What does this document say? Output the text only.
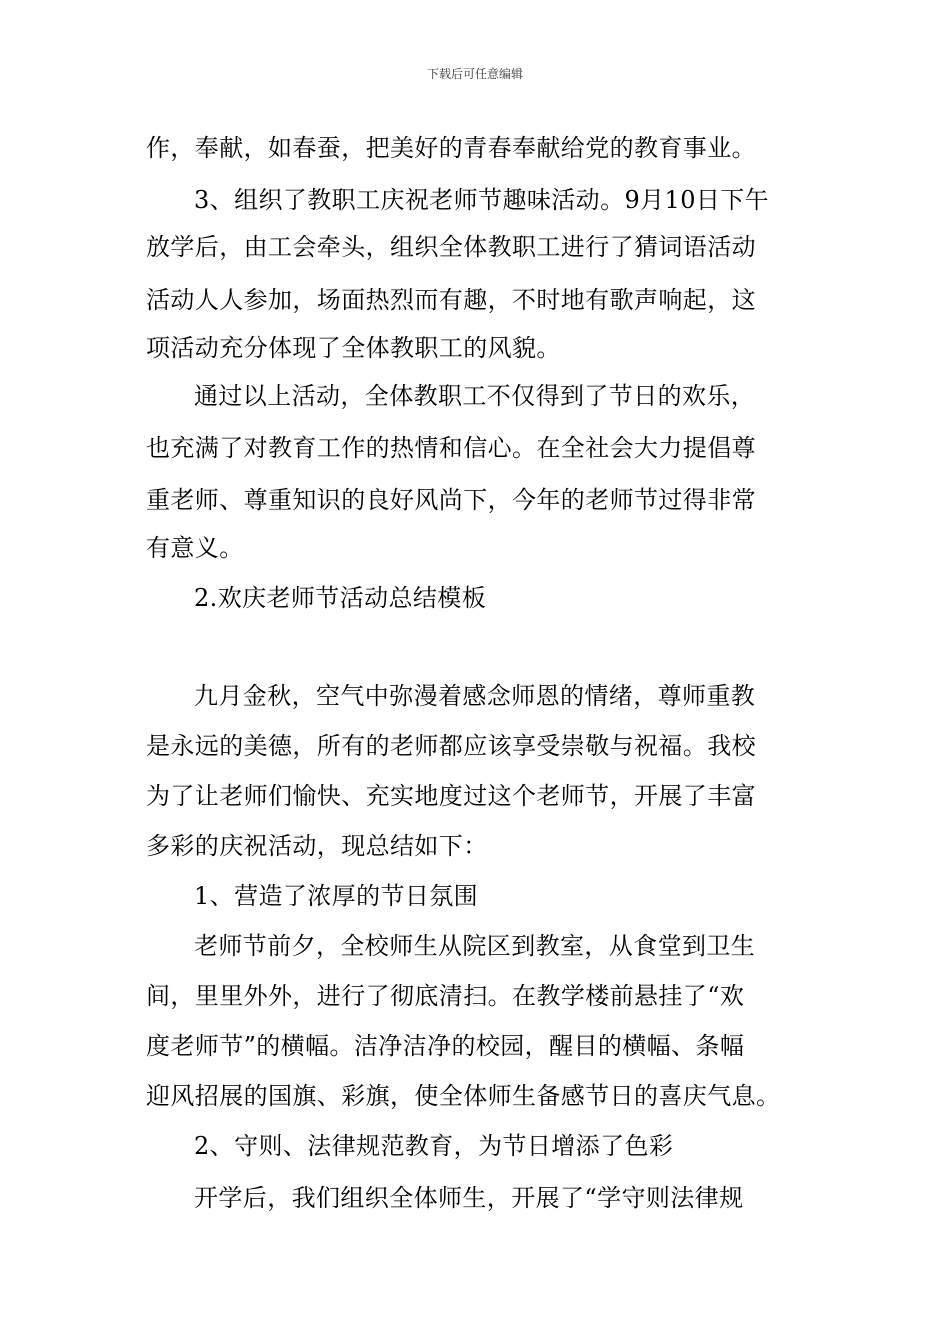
下载后可任意编辑
作，奉献，如春蚕，把美好的青春奉献给党的教育事业。
3、组织了教职工庆祝老师节趣味活动。9月10日下午
放学后，由工会牵头，组织全体教职工进行了猜词语活动
活动人人参加，场面热烈而有趣，不时地有歌声响起，这
项活动充分体现了全体教职工的风貌。
通过以上活动，全体教职工不仅得到了节日的欢乐，
也充满了对教育工作的热情和信心。在全社会大力提倡尊
重老师、尊重知识的良好风尚下，今年的老师节过得非常
有意义。
2.欢庆老师节活动总结模板
九月金秋，空气中弥漫着感念师恩的情绪，尊师重教
是永远的美德，所有的老师都应该享受崇敬与祝福。我校
为了让老师们愉快、充实地度过这个老师节，开展了丰富
多彩的庆祝活动，现总结如下：
1、营造了浓厚的节日氛围
老师节前夕，全校师生从院区到教室，从食堂到卫生
间，里里外外，进行了彻底清扫。在教学楼前悬挂了“欢
度老师节”的横幅。洁净洁净的校园，醒目的横幅、条幅
迎风招展的国旗、彩旗，使全体师生备感节日的喜庆气息。
2、守则、法律规范教育，为节日增添了色彩
开学后，我们组织全体师生，开展了“学守则法律规
